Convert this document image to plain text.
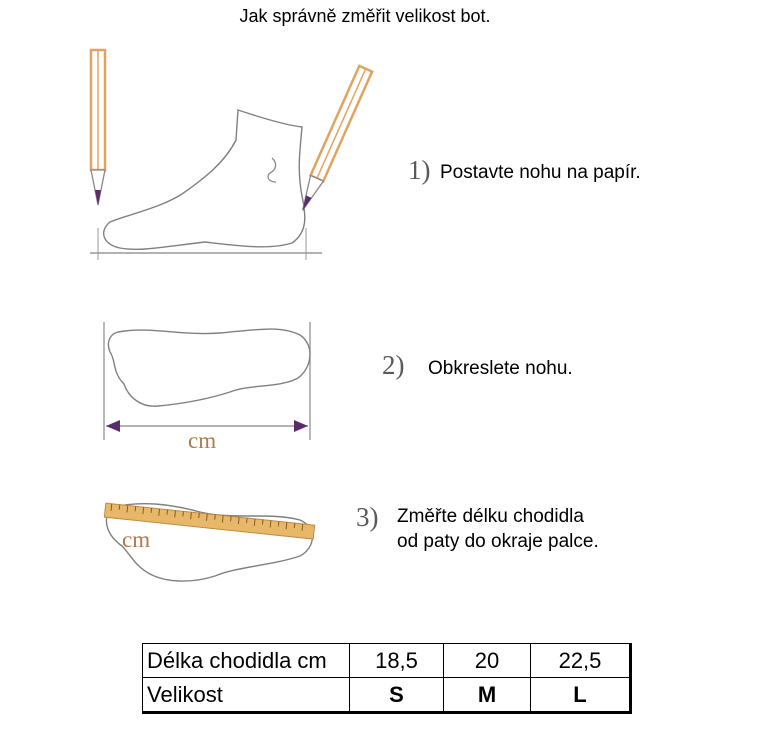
Jak správně změřit velikost bot.
1) Postavte nohu na papír.
2) Obkreslete nohu.
3) Změřte délku chodidla
od paty do okraje palce.
cm
cm
Délka chodidla cm	18,5	20	22,5
Velikost	S	M	L
